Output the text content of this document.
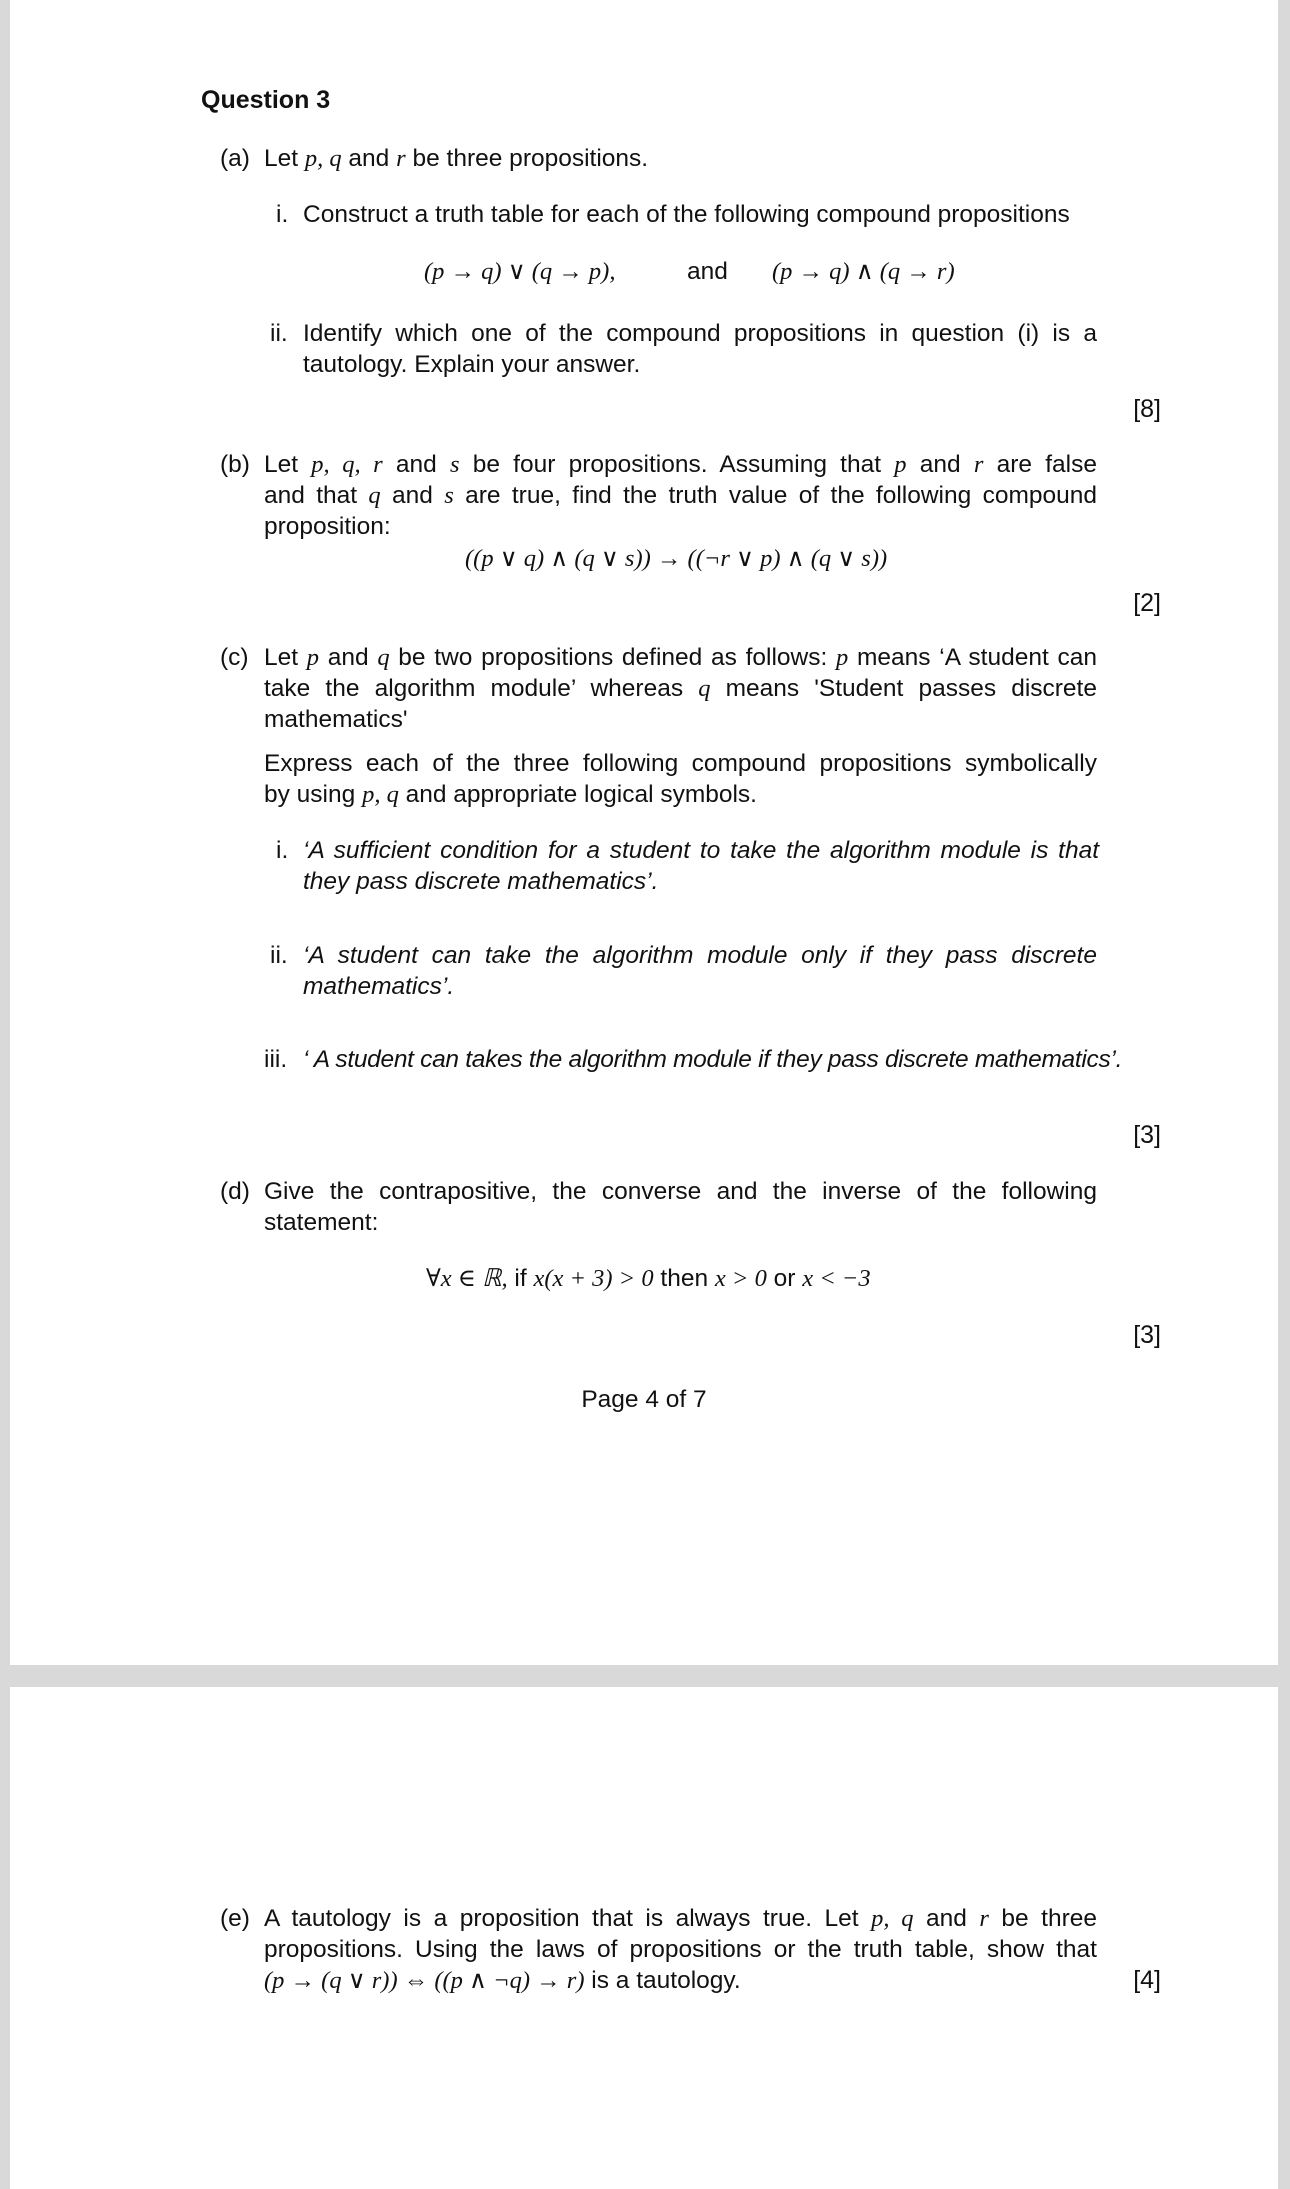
Question 3
(a) Let p, q and r be three propositions.
i. Construct a truth table for each of the following compound propositions
(p → q) ∨ (q → p),	and (p → q) ∧ (q → r)
ii. Identify which one of the compound propositions in question (i) is a
tautology. Explain your answer.
[8]
(b) Let p, q, r and s be four propositions. Assuming that p and r are false
and that q and s are true, find the truth value of the following compound
proposition:
((p ∨ q) ∧ (q ∨ s)) → ((¬r ∨ p) ∧ (q ∨ s))
[2]
(c) Let p and q be two propositions defined as follows: p means ‘A student can
take the algorithm module’ whereas q means 'Student passes discrete
mathematics'
Express each of the three following compound propositions symbolically
by using p, q and appropriate logical symbols.
i. ‘A sufficient condition for a student to take the algorithm module is that
they pass discrete mathematics’.
ii. ‘A student can take the algorithm module only if they pass discrete
mathematics’.
iii. ‘ A student can takes the algorithm module if they pass discrete mathematics’.
[3]
(d) Give the contrapositive, the converse and the inverse of the following
statement:
∀x ∈ ℝ, if x(x + 3) > 0 then x > 0 or x < −3
[3]
Page 4 of 7
(e) A tautology is a proposition that is always true. Let p, q and r be three
propositions. Using the laws of propositions or the truth table, show that
(p → (q ∨ r)) ⇔ ((p ∧ ¬q) → r) is a tautology.	[4]
